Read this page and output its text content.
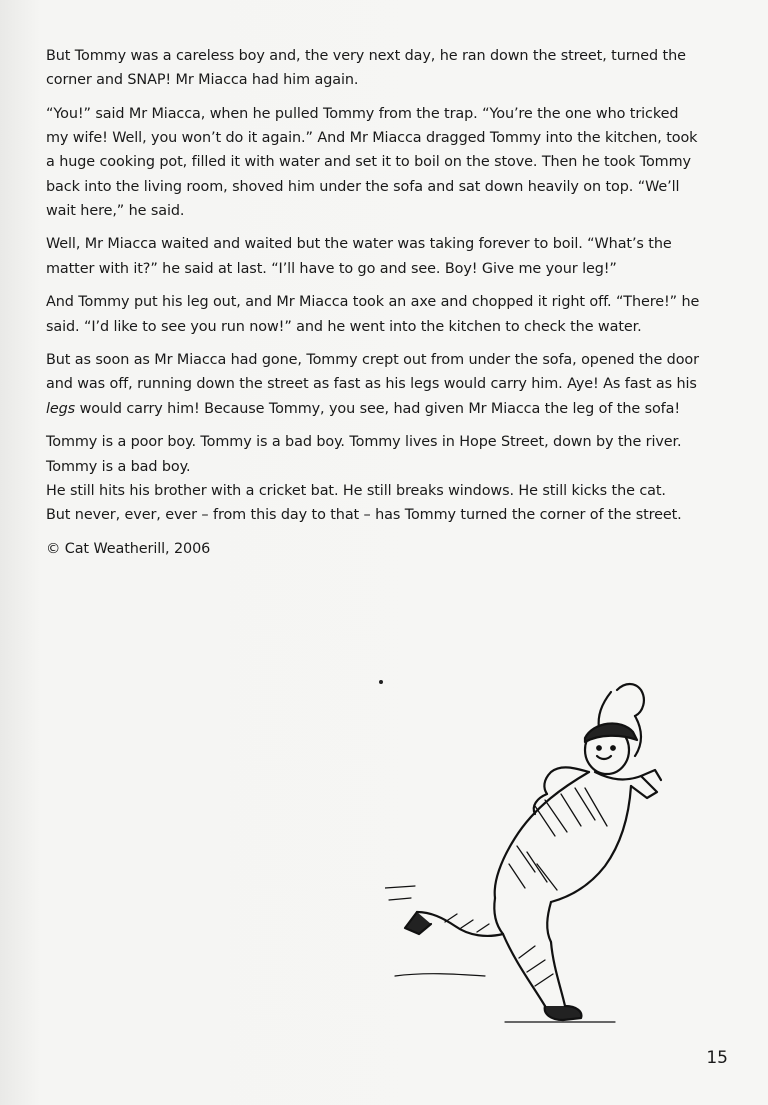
But Tommy was a careless boy and, the very next day, he ran down the street, turned the corner and SNAP! Mr Miacca had him again.

“You!” said Mr Miacca, when he pulled Tommy from the trap. “You’re the one who tricked my wife! Well, you won’t do it again.” And Mr Miacca dragged Tommy into the kitchen, took a huge cooking pot, filled it with water and set it to boil on the stove. Then he took Tommy back into the living room, shoved him under the sofa and sat down heavily on top. “We’ll wait here,” he said.

Well, Mr Miacca waited and waited but the water was taking forever to boil. “What’s the matter with it?” he said at last. “I’ll have to go and see. Boy! Give me your leg!”

And Tommy put his leg out, and Mr Miacca took an axe and chopped it right off. “There!” he said. “I’d like to see you run now!” and he went into the kitchen to check the water.

But as soon as Mr Miacca had gone, Tommy crept out from under the sofa, opened the door and was off, running down the street as fast as his legs would carry him. Aye! As fast as his legs would carry him! Because Tommy, you see, had given Mr Miacca the leg of the sofa!

Tommy is a poor boy. Tommy is a bad boy. Tommy lives in Hope Street, down by the river.

Tommy is a bad boy.

He still hits his brother with a cricket bat. He still breaks windows. He still kicks the cat.

But never, ever, ever – from this day to that – has Tommy turned the corner of the street.

© Cat Weatherill, 2006

15
